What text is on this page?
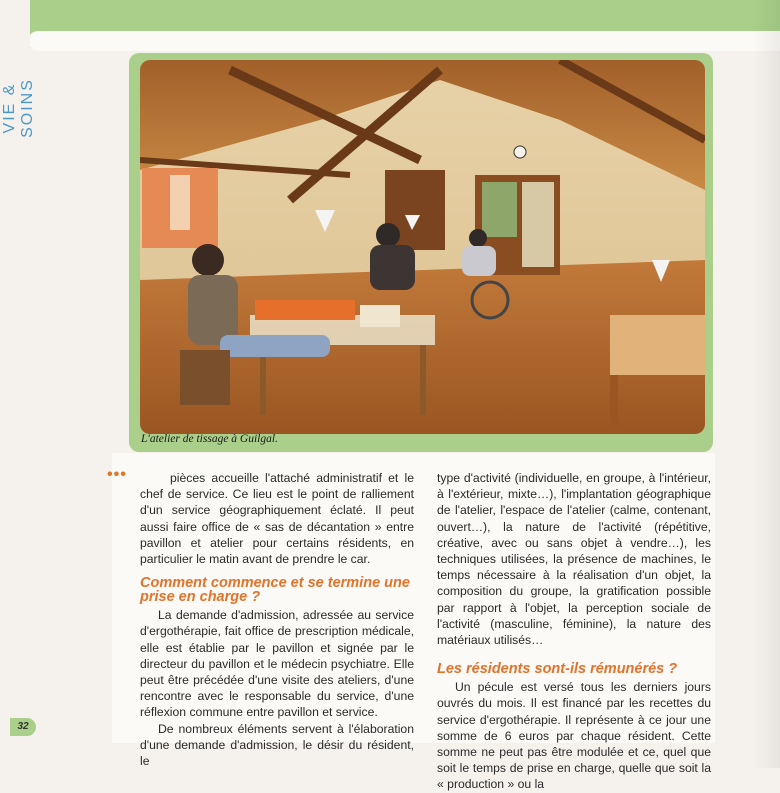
VIE & SOINS
L'atelier de tissage à Guilgal.
•••	pièces accueille l'attaché administratif et le chef de service. Ce lieu est le point de ralliement d'un service géographiquement éclaté. Il peut aussi faire office de « sas de décantation » entre pavillon et atelier pour certains résidents, en particulier le matin avant de prendre le car.

Comment commence et se termine une prise en charge ?

La demande d'admission, adressée au service d'ergothérapie, fait office de prescription médicale, elle est établie par le pavillon et signée par le directeur du pavillon et le médecin psychiatre. Elle peut être précédée d'une visite des ateliers, d'une rencontre avec le responsable du service, d'une réflexion commune entre pavillon et service.

De nombreux éléments servent à l'élaboration d'une demande d'admission, le désir du résident, le

type d'activité (individuelle, en groupe, à l'intérieur, à l'extérieur, mixte…), l'implantation géographique de l'atelier, l'espace de l'atelier (calme, contenant, ouvert…), la nature de l'activité (répétitive, créative, avec ou sans objet à vendre…), les techniques utilisées, la présence de machines, le temps nécessaire à la réalisation d'un objet, la composition du groupe, la gratification possible par rapport à l'objet, la perception sociale de l'activité (masculine, féminine), la nature des matériaux utilisés…

Les résidents sont-ils rémunérés ?

Un pécule est versé tous les derniers jours ouvrés du mois. Il est financé par les recettes du service d'ergothérapie. Il représente à ce jour une somme de 6 euros par chaque résident. Cette somme ne peut pas être modulée et ce, quel que soit le temps de prise en charge, quelle que soit la « production » ou la

32
